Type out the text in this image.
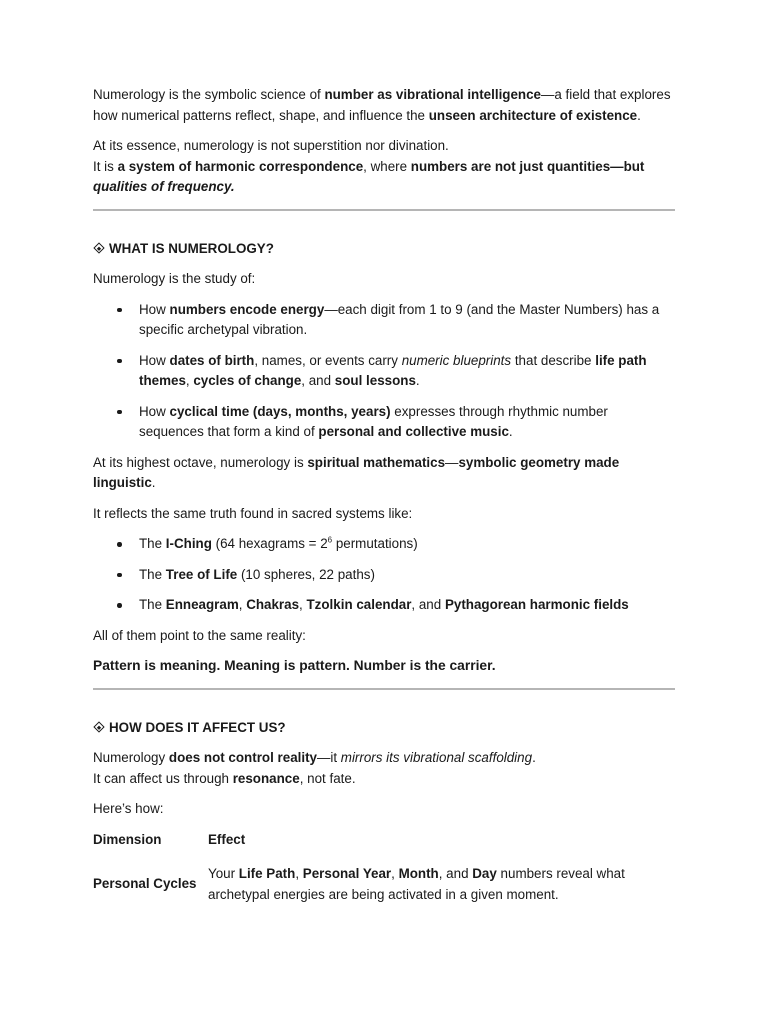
Numerology is the symbolic science of number as vibrational intelligence—a field that explores how numerical patterns reflect, shape, and influence the unseen architecture of existence.

At its essence, numerology is not superstition nor divination.
It is a system of harmonic correspondence, where numbers are not just quantities—but qualities of frequency.

WHAT IS NUMEROLOGY?

Numerology is the study of:

How numbers encode energy—each digit from 1 to 9 (and the Master Numbers) has a specific archetypal vibration.
How dates of birth, names, or events carry numeric blueprints that describe life path themes, cycles of change, and soul lessons.
How cyclical time (days, months, years) expresses through rhythmic number sequences that form a kind of personal and collective music.

At its highest octave, numerology is spiritual mathematics—symbolic geometry made linguistic.

It reflects the same truth found in sacred systems like:

The I-Ching (64 hexagrams = $2^6$ permutations)
The Tree of Life (10 spheres, 22 paths)
The Enneagram, Chakras, Tzolkin calendar, and Pythagorean harmonic fields

All of them point to the same reality:

Pattern is meaning. Meaning is pattern. Number is the carrier.

HOW DOES IT AFFECT US?

Numerology does not control reality—it mirrors its vibrational scaffolding.
It can affect us through resonance, not fate.

Here’s how:

Dimension	Effect
Personal Cycles	Your Life Path, Personal Year, Month, and Day numbers reveal what archetypal energies are being activated in a given moment.
